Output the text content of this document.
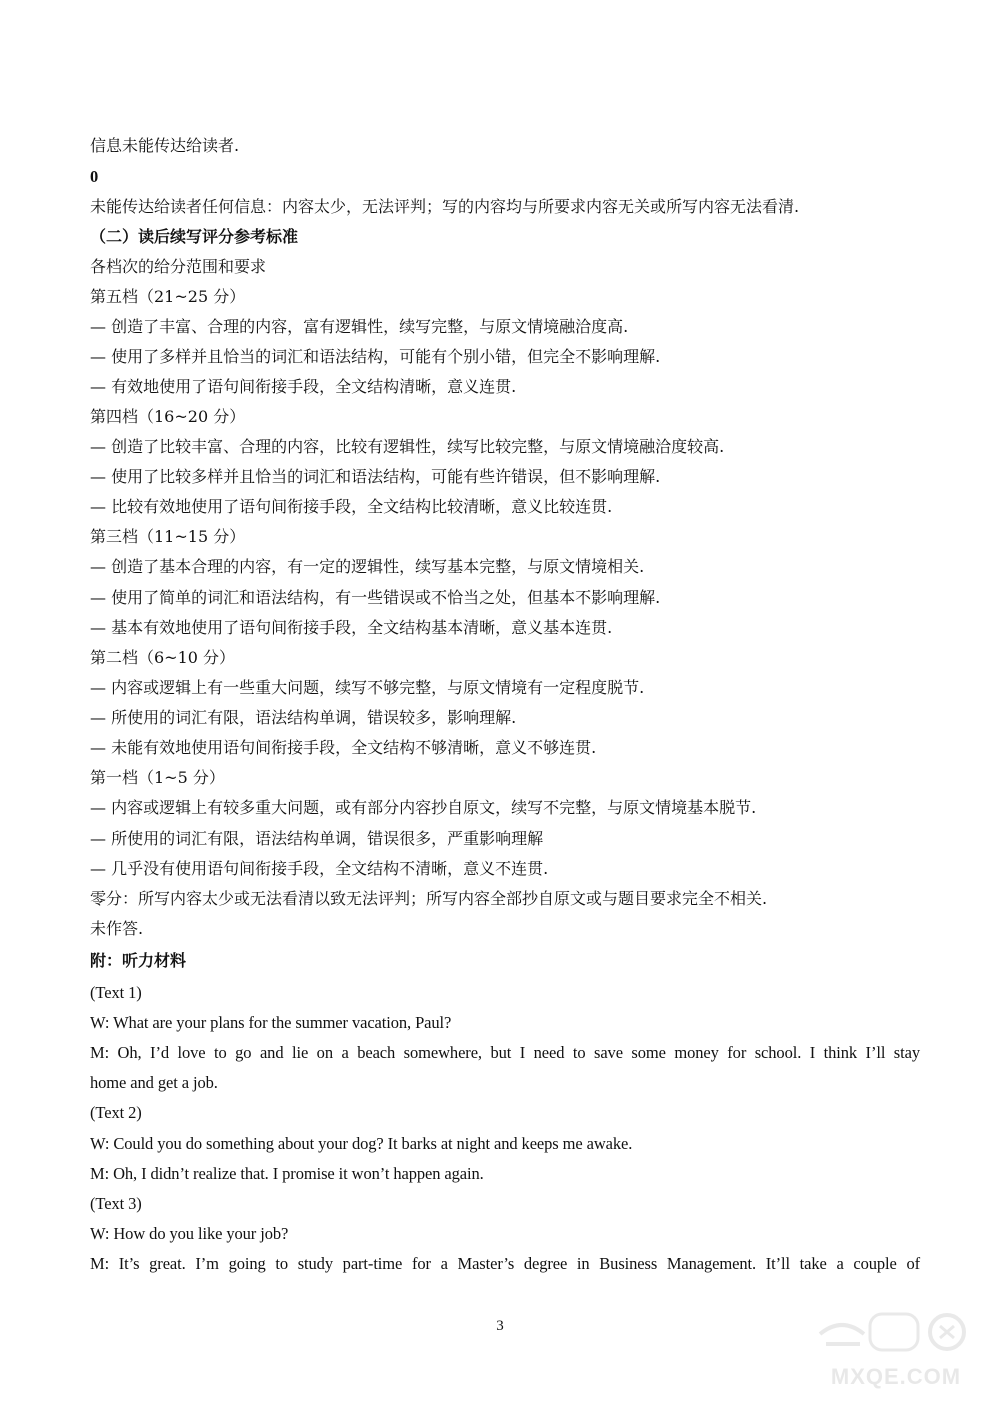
信息未能传达给读者.
0
未能传达给读者任何信息：内容太少，无法评判；写的内容均与所要求内容无关或所写内容无法看清.
（二）读后续写评分参考标准
各档次的给分范围和要求
第五档（21~25 分）
— 创造了丰富、合理的内容，富有逻辑性，续写完整，与原文情境融洽度高.
— 使用了多样并且恰当的词汇和语法结构，可能有个别小错，但完全不影响理解.
— 有效地使用了语句间衔接手段，全文结构清晰，意义连贯.
第四档（16~20 分）
— 创造了比较丰富、合理的内容，比较有逻辑性，续写比较完整，与原文情境融洽度较高.
— 使用了比较多样并且恰当的词汇和语法结构，可能有些许错误，但不影响理解.
— 比较有效地使用了语句间衔接手段，全文结构比较清晰，意义比较连贯.
第三档（11~15 分）
— 创造了基本合理的内容，有一定的逻辑性，续写基本完整，与原文情境相关.
— 使用了简单的词汇和语法结构，有一些错误或不恰当之处，但基本不影响理解.
— 基本有效地使用了语句间衔接手段，全文结构基本清晰，意义基本连贯.
第二档（6~10 分）
— 内容或逻辑上有一些重大问题，续写不够完整，与原文情境有一定程度脱节.
— 所使用的词汇有限，语法结构单调，错误较多，影响理解.
— 未能有效地使用语句间衔接手段，全文结构不够清晰，意义不够连贯.
第一档（1~5 分）
— 内容或逻辑上有较多重大问题，或有部分内容抄自原文，续写不完整，与原文情境基本脱节.
— 所使用的词汇有限，语法结构单调，错误很多，严重影响理解
— 几乎没有使用语句间衔接手段，全文结构不清晰，意义不连贯.
零分：所写内容太少或无法看清以致无法评判；所写内容全部抄自原文或与题目要求完全不相关.
未作答.
附：听力材料
(Text 1)
W: What are your plans for the summer vacation, Paul?
M: Oh, I’d love to go and lie on a beach somewhere, but I need to save some money for school. I think I’ll stay
home and get a job.
(Text 2)
W: Could you do something about your dog? It barks at night and keeps me awake.
M: Oh, I didn’t realize that. I promise it won’t happen again.
(Text 3)
W: How do you like your job?
M: It’s great. I’m going to study part-time for a Master’s degree in Business Management. It’ll take a couple of
3
MXQE.COM
